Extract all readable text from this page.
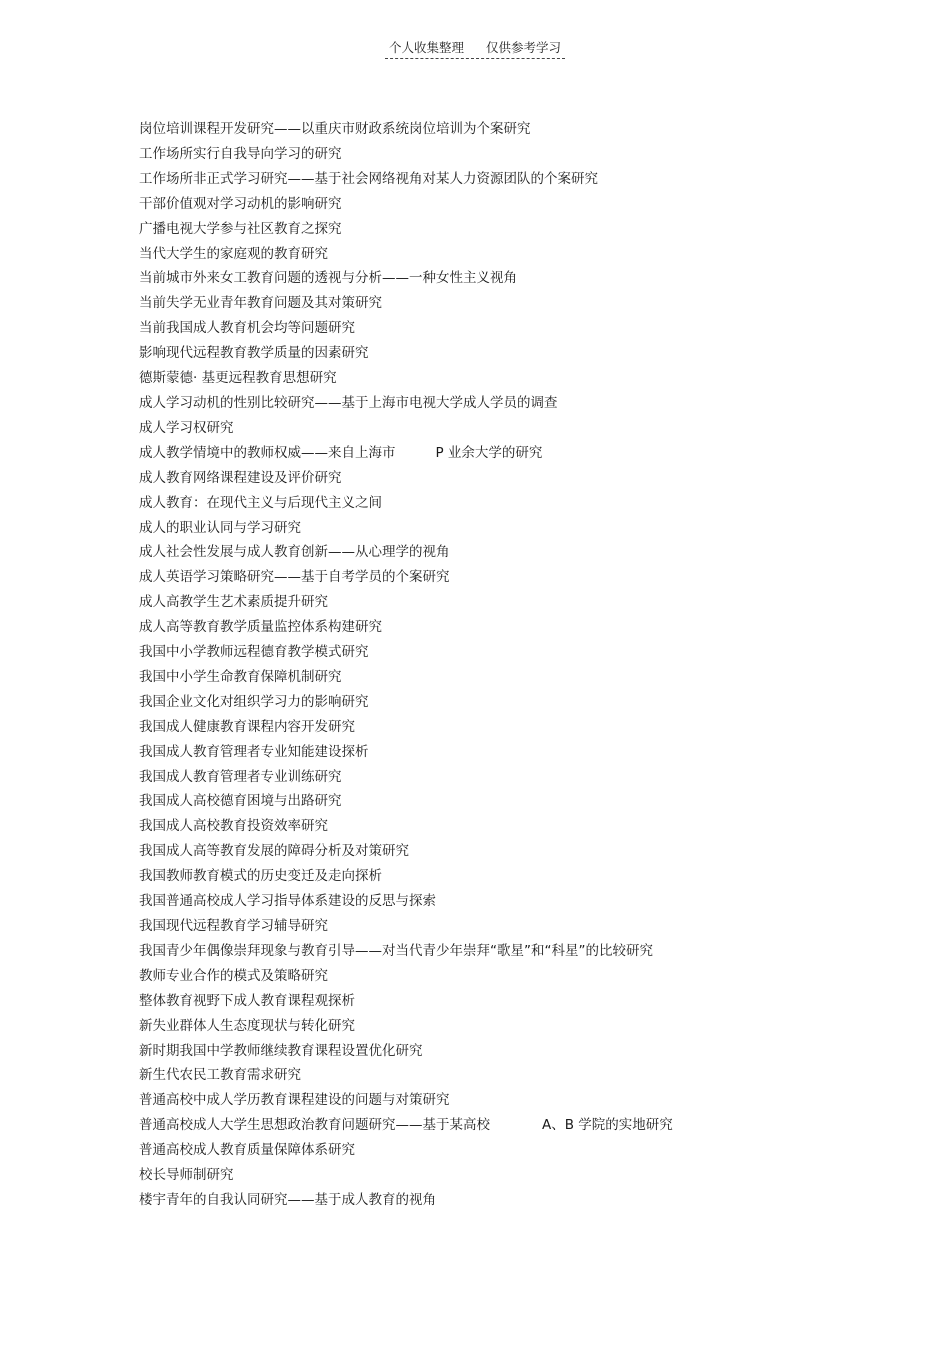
个人收集整理 仅供参考学习
岗位培训课程开发研究——以重庆市财政系统岗位培训为个案研究
工作场所实行自我导向学习的研究
工作场所非正式学习研究——基于社会网络视角对某人力资源团队的个案研究
干部价值观对学习动机的影响研究
广播电视大学参与社区教育之探究
当代大学生的家庭观的教育研究
当前城市外来女工教育问题的透视与分析——一种女性主义视角
当前失学无业青年教育问题及其对策研究
当前我国成人教育机会均等问题研究
影响现代远程教育教学质量的因素研究
德斯蒙德· 基更远程教育思想研究
成人学习动机的性别比较研究——基于上海市电视大学成人学员的调查
成人学习权研究
成人教学情境中的教师权威——来自上海市	P 业余大学的研究
成人教育网络课程建设及评价研究
成人教育：在现代主义与后现代主义之间
成人的职业认同与学习研究
成人社会性发展与成人教育创新——从心理学的视角
成人英语学习策略研究——基于自考学员的个案研究
成人高教学生艺术素质提升研究
成人高等教育教学质量监控体系构建研究
我国中小学教师远程德育教学模式研究
我国中小学生命教育保障机制研究
我国企业文化对组织学习力的影响研究
我国成人健康教育课程内容开发研究
我国成人教育管理者专业知能建设探析
我国成人教育管理者专业训练研究
我国成人高校德育困境与出路研究
我国成人高校教育投资效率研究
我国成人高等教育发展的障碍分析及对策研究
我国教师教育模式的历史变迁及走向探析
我国普通高校成人学习指导体系建设的反思与探索
我国现代远程教育学习辅导研究
我国青少年偶像崇拜现象与教育引导——对当代青少年崇拜“歌星”和“科星”的比较研究
教师专业合作的模式及策略研究
整体教育视野下成人教育课程观探析
新失业群体人生态度现状与转化研究
新时期我国中学教师继续教育课程设置优化研究
新生代农民工教育需求研究
普通高校中成人学历教育课程建设的问题与对策研究
普通高校成人大学生思想政治教育问题研究——基于某高校	A、B 学院的实地研究
普通高校成人教育质量保障体系研究
校长导师制研究
楼宇青年的自我认同研究——基于成人教育的视角
